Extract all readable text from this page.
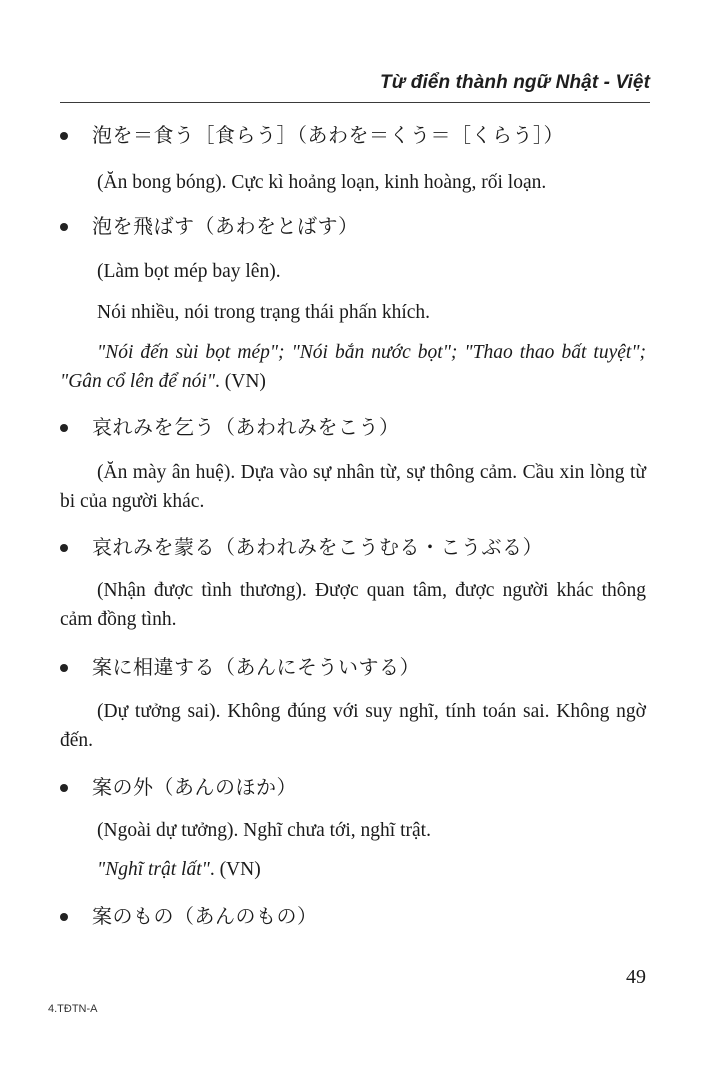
Từ điển thành ngữ Nhật - Việt
泡を＝食う［食らう］（あわを＝くう＝［くらう］）
(Ăn bong bóng). Cực kì hoảng loạn, kinh hoàng, rối loạn.
泡を飛ばす（あわをとばす）
(Làm bọt mép bay lên).
Nói nhiều, nói trong trạng thái phấn khích.
"Nói đến sùi bọt mép"; "Nói bắn nước bọt"; "Thao thao bất tuyệt"; "Gân cổ lên để nói". (VN)
哀れみを乞う（あわれみをこう）
(Ăn mày ân huệ). Dựa vào sự nhân từ, sự thông cảm. Cầu xin lòng từ bi của người khác.
哀れみを蒙る（あわれみをこうむる・こうぶる）
(Nhận được tình thương). Được quan tâm, được người khác thông cảm đồng tình.
案に相違する（あんにそういする）
(Dự tưởng sai). Không đúng với suy nghĩ, tính toán sai. Không ngờ đến.
案の外（あんのほか）
(Ngoài dự tưởng). Nghĩ chưa tới, nghĩ trật.
"Nghĩ trật lất". (VN)
案のもの（あんのもの）
49
4.TĐTN-A
